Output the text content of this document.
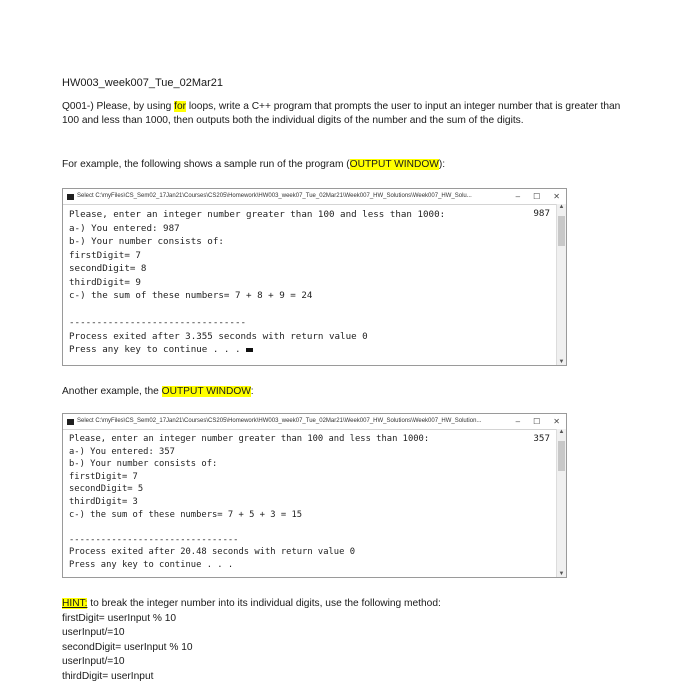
HW003_week007_Tue_02Mar21
Q001-) Please, by using for loops, write a C++ program that prompts the user to input an integer number that is greater than 100 and less than 1000, then outputs both the individual digits of the number and the sum of the digits.
For example, the following shows a sample run of the program (OUTPUT WINDOW):
Select C:\myFiles\CS_Sem02_17Jan21\Courses\CS205\Homework\HW003_week07_Tue_02Mar21\Week007_HW_Solutions\Week007_HW_Solu...	– ☐ ✕
987
Please, enter an integer number greater than 100 and less than 1000:
a-) You entered: 987
b-) Your number consists of:
firstDigit= 7
secondDigit= 8
thirdDigit= 9
c-) the sum of these numbers= 7 + 8 + 9 = 24
--------------------------------
Process exited after 3.355 seconds with return value 0
Press any key to continue . . .
▲
▼
Another example, the OUTPUT WINDOW:
Select C:\myFiles\CS_Sem02_17Jan21\Courses\CS205\Homework\HW003_week07_Tue_02Mar21\Week007_HW_Solutions\Week007_HW_Solution...	– ☐ ✕
357
Please, enter an integer number greater than 100 and less than 1000:
a-) You entered: 357
b-) Your number consists of:
firstDigit= 7
secondDigit= 5
thirdDigit= 3
c-) the sum of these numbers= 7 + 5 + 3 = 15
--------------------------------
Process exited after 20.48 seconds with return value 0
Press any key to continue . . .
▲
▼
HINT: to break the integer number into its individual digits, use the following method:
firstDigit= userInput % 10
userInput/=10
secondDigit= userInput % 10
userInput/=10
thirdDigit= userInput
